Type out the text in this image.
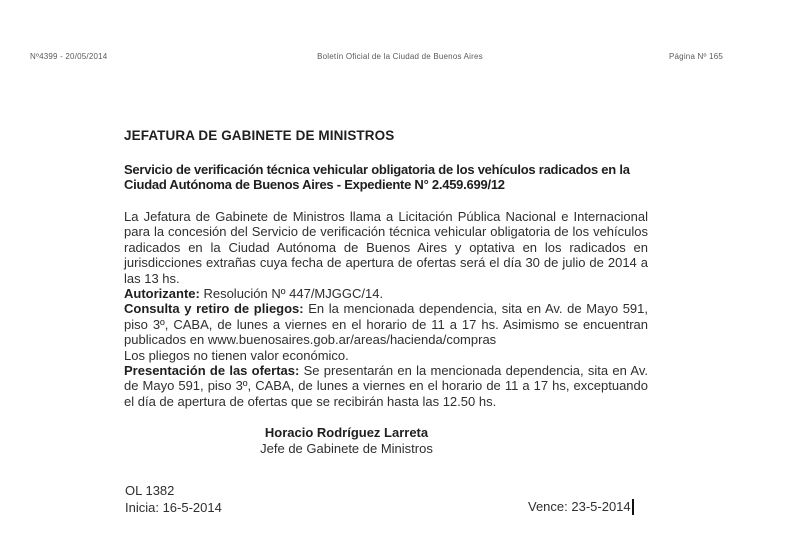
Nº4399 - 20/05/2014	Boletín Oficial de la Ciudad de Buenos Aires	Página Nº 165
JEFATURA DE GABINETE DE MINISTROS
Servicio de verificación técnica vehicular obligatoria de los vehículos radicados en la Ciudad Autónoma de Buenos Aires - Expediente N° 2.459.699/12
La Jefatura de Gabinete de Ministros llama a Licitación Pública Nacional e Internacional para la concesión del Servicio de verificación técnica vehicular obligatoria de los vehículos radicados en la Ciudad Autónoma de Buenos Aires y optativa en los radicados en jurisdicciones extrañas cuya fecha de apertura de ofertas será el día 30 de julio de 2014 a las 13 hs.
Autorizante: Resolución Nº 447/MJGGC/14.
Consulta y retiro de pliegos: En la mencionada dependencia, sita en Av. de Mayo 591, piso 3º, CABA, de lunes a viernes en el horario de 11 a 17 hs. Asimismo se encuentran publicados en www.buenosaires.gob.ar/areas/hacienda/compras
Los pliegos no tienen valor económico.
Presentación de las ofertas: Se presentarán en la mencionada dependencia, sita en Av. de Mayo 591, piso 3º, CABA, de lunes a viernes en el horario de 11 a 17 hs, exceptuando el día de apertura de ofertas que se recibirán hasta las 12.50 hs.
Horacio Rodríguez Larreta
Jefe de Gabinete de Ministros
OL 1382
Inicia: 16-5-2014	Vence: 23-5-2014
